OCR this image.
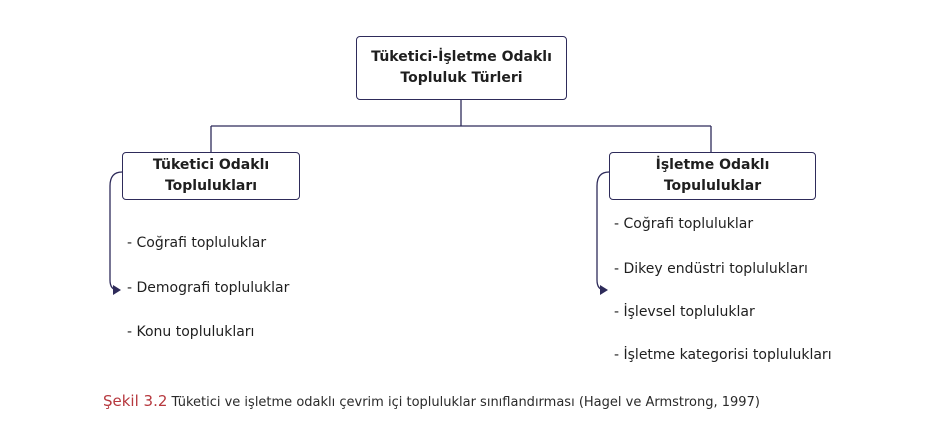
Tüketici-İşletme Odaklı
Topluluk Türleri
Tüketici Odaklı
Toplulukları
İşletme Odaklı
Topululuklar
- Coğrafi topluluklar
- Demografi topluluklar
- Konu toplulukları
- Coğrafi topluluklar
- Dikey endüstri toplulukları
- İşlevsel topluluklar
- İşletme kategorisi toplulukları
Şekil 3.2 Tüketici ve işletme odaklı çevrim içi topluluklar sınıflandırması (Hagel ve Armstrong, 1997)
